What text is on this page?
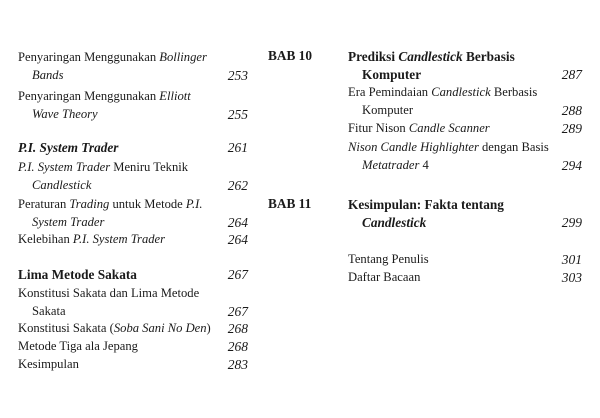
Penyaringan Menggunakan Bollinger
Bands	253
Penyaringan Menggunakan Elliott
Wave Theory	255
P.I. System Trader	261
P.I. System Trader Meniru Teknik
Candlestick	262
Peraturan Trading untuk Metode P.I.
System Trader	264
Kelebihan P.I. System Trader	264
Lima Metode Sakata	267
Konstitusi Sakata dan Lima Metode
Sakata	267
Konstitusi Sakata (Soba Sani No Den)	268
Metode Tiga ala Jepang	268
Kesimpulan	283
BAB 10	Prediksi Candlestick Berbasis
Komputer	287
Era Pemindaian Candlestick Berbasis
Komputer	288
Fitur Nison Candle Scanner	289
Nison Candle Highlighter dengan Basis
Metatrader 4	294
BAB 11	Kesimpulan: Fakta tentang
Candlestick	299
Tentang Penulis	301
Daftar Bacaan	303
